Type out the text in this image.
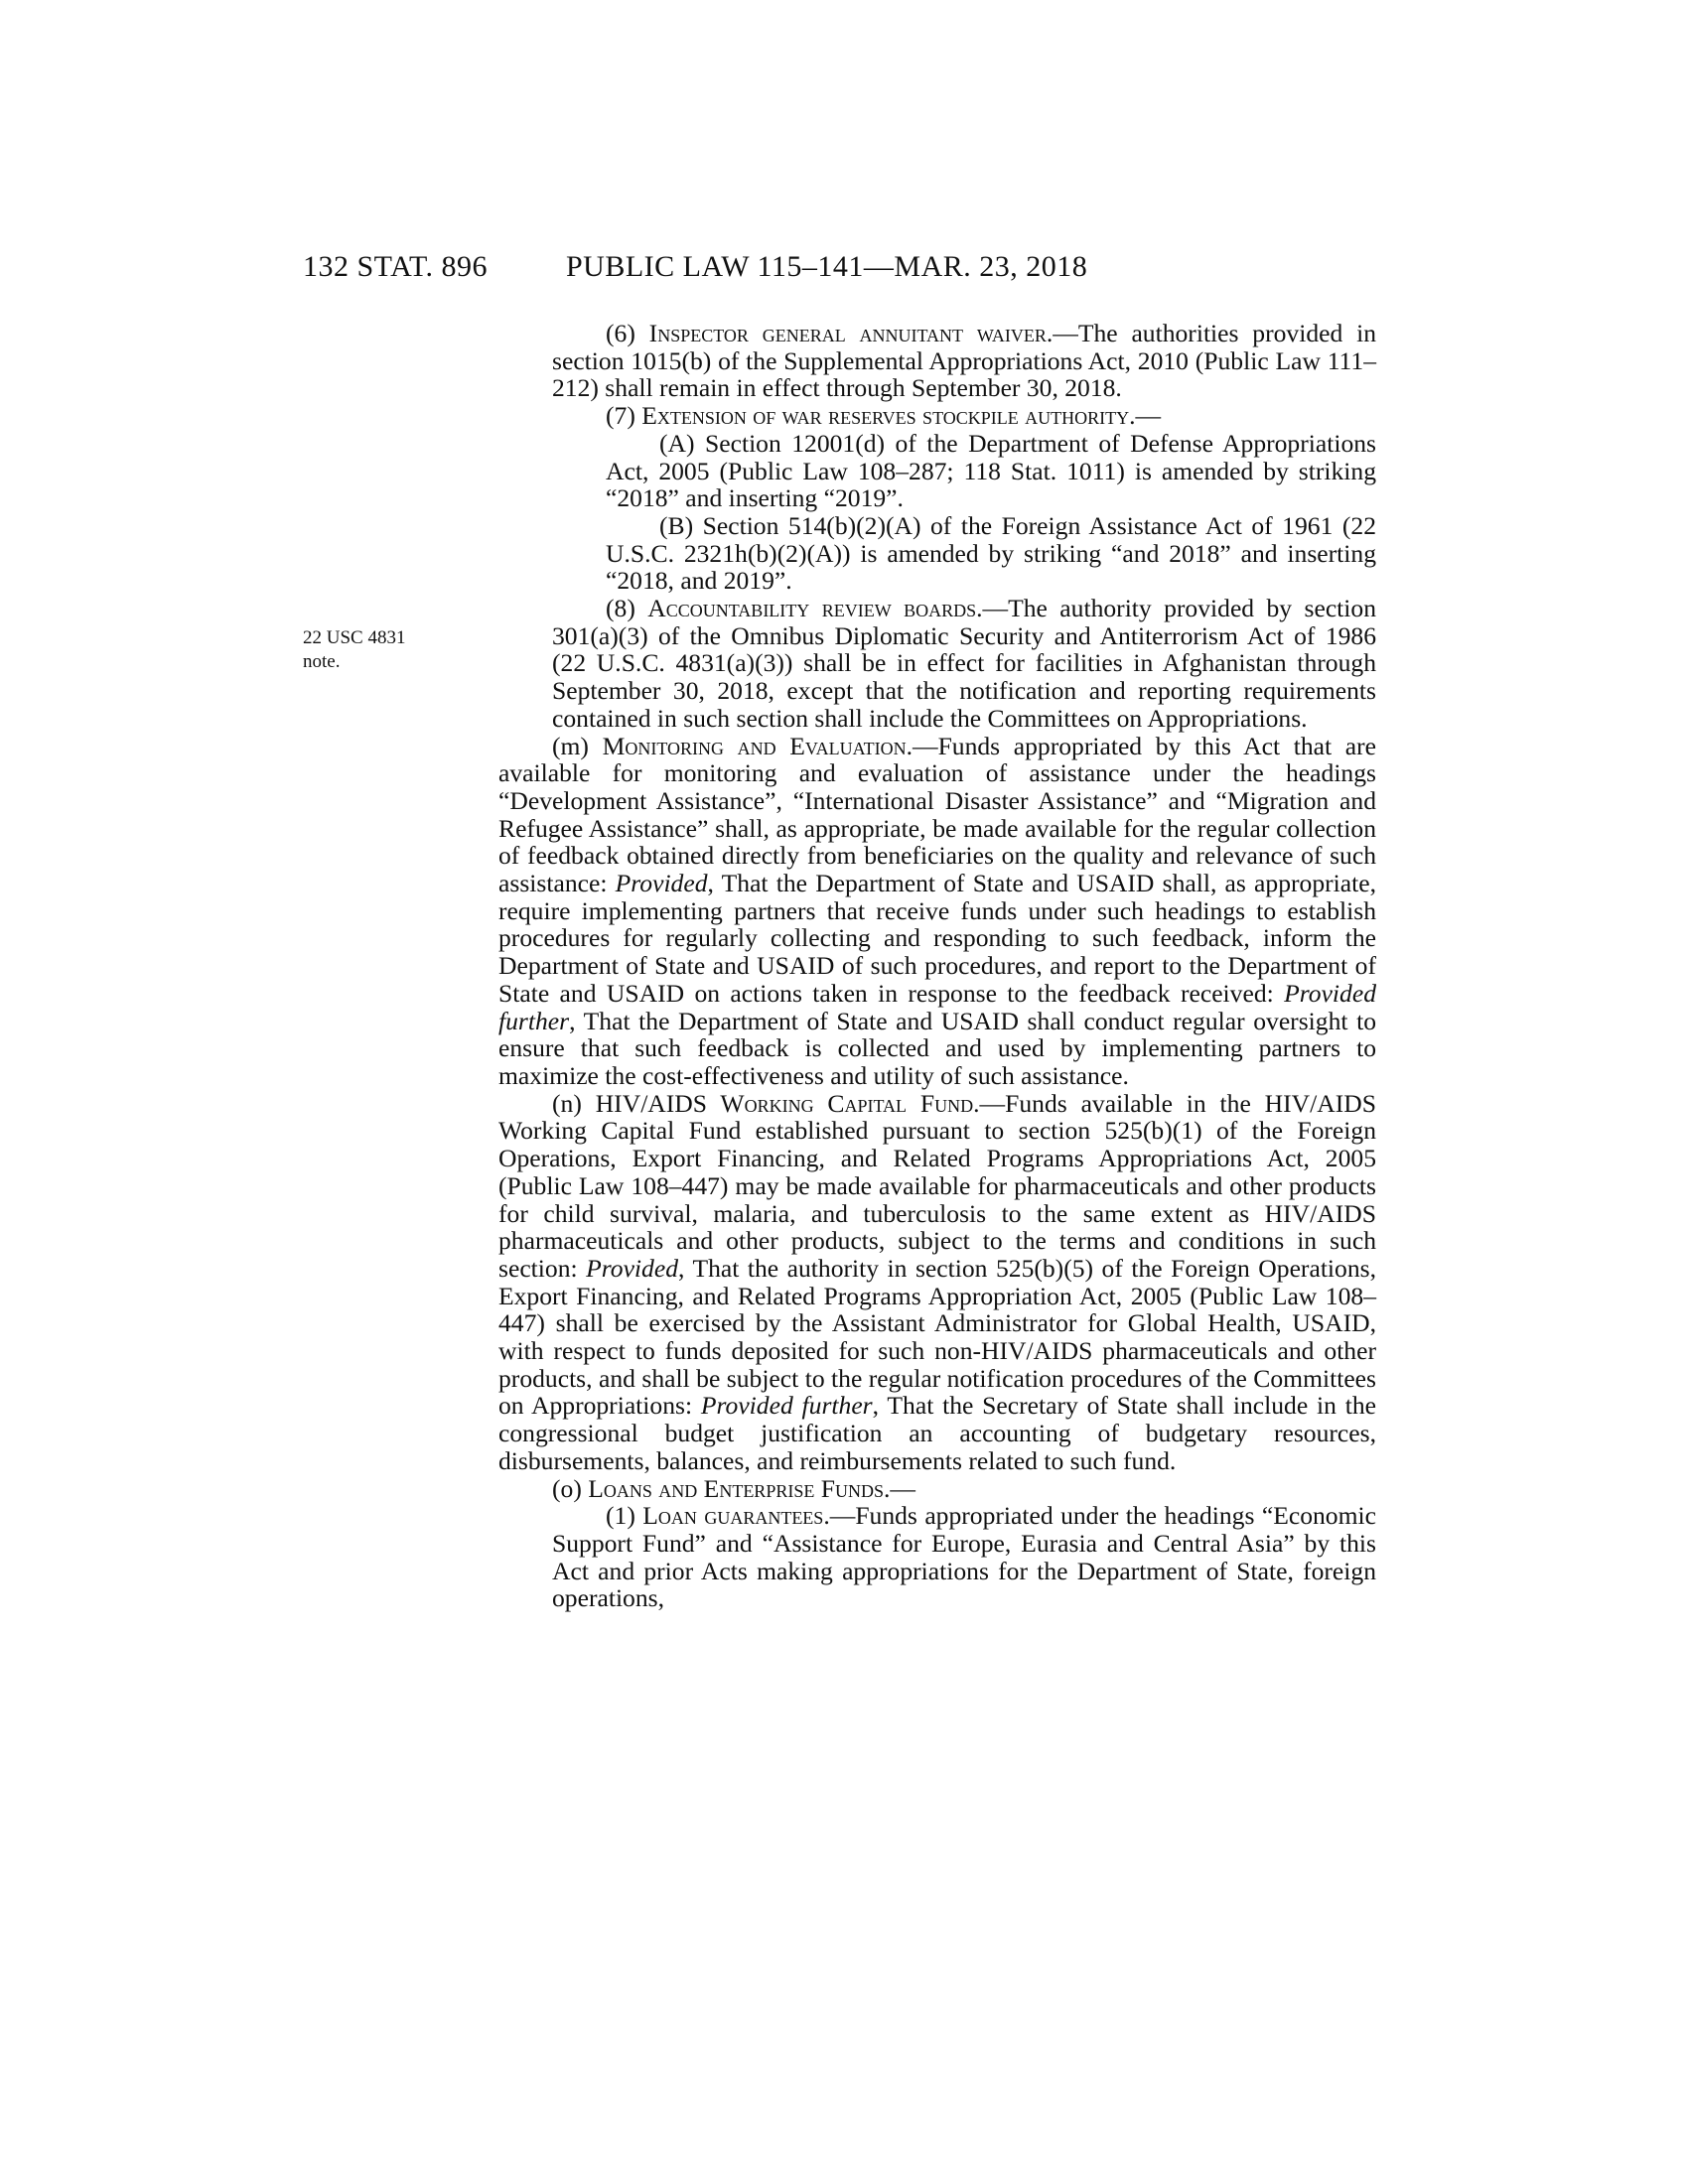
132 STAT. 896	PUBLIC LAW 115–141—MAR. 23, 2018
22 USC 4831
note.

(6) Inspector general annuitant waiver.—The authorities provided in section 1015(b) of the Supplemental Appropriations Act, 2010 (Public Law 111–212) shall remain in effect through September 30, 2018.

(7) Extension of war reserves stockpile authority.—

(A) Section 12001(d) of the Department of Defense Appropriations Act, 2005 (Public Law 108–287; 118 Stat. 1011) is amended by striking “2018” and inserting “2019”.

(B) Section 514(b)(2)(A) of the Foreign Assistance Act of 1961 (22 U.S.C. 2321h(b)(2)(A)) is amended by striking “and 2018” and inserting “2018, and 2019”.

(8) Accountability review boards.—The authority provided by section 301(a)(3) of the Omnibus Diplomatic Security and Antiterrorism Act of 1986 (22 U.S.C. 4831(a)(3)) shall be in effect for facilities in Afghanistan through September 30, 2018, except that the notification and reporting requirements contained in such section shall include the Committees on Appropriations.

(m) Monitoring and Evaluation.—Funds appropriated by this Act that are available for monitoring and evaluation of assistance under the headings “Development Assistance”, “International Disaster Assistance” and “Migration and Refugee Assistance” shall, as appropriate, be made available for the regular collection of feedback obtained directly from beneficiaries on the quality and relevance of such assistance: Provided, That the Department of State and USAID shall, as appropriate, require implementing partners that receive funds under such headings to establish procedures for regularly collecting and responding to such feedback, inform the Department of State and USAID of such procedures, and report to the Department of State and USAID on actions taken in response to the feedback received: Provided further, That the Department of State and USAID shall conduct regular oversight to ensure that such feedback is collected and used by implementing partners to maximize the cost-effectiveness and utility of such assistance.

(n) HIV/AIDS Working Capital Fund.—Funds available in the HIV/AIDS Working Capital Fund established pursuant to section 525(b)(1) of the Foreign Operations, Export Financing, and Related Programs Appropriations Act, 2005 (Public Law 108–447) may be made available for pharmaceuticals and other products for child survival, malaria, and tuberculosis to the same extent as HIV/AIDS pharmaceuticals and other products, subject to the terms and conditions in such section: Provided, That the authority in section 525(b)(5) of the Foreign Operations, Export Financing, and Related Programs Appropriation Act, 2005 (Public Law 108–447) shall be exercised by the Assistant Administrator for Global Health, USAID, with respect to funds deposited for such non-HIV/AIDS pharmaceuticals and other products, and shall be subject to the regular notification procedures of the Committees on Appropriations: Provided further, That the Secretary of State shall include in the congressional budget justification an accounting of budgetary resources, disbursements, balances, and reimbursements related to such fund.

(o) Loans and Enterprise Funds.—

(1) Loan guarantees.—Funds appropriated under the headings “Economic Support Fund” and “Assistance for Europe, Eurasia and Central Asia” by this Act and prior Acts making appropriations for the Department of State, foreign operations,
